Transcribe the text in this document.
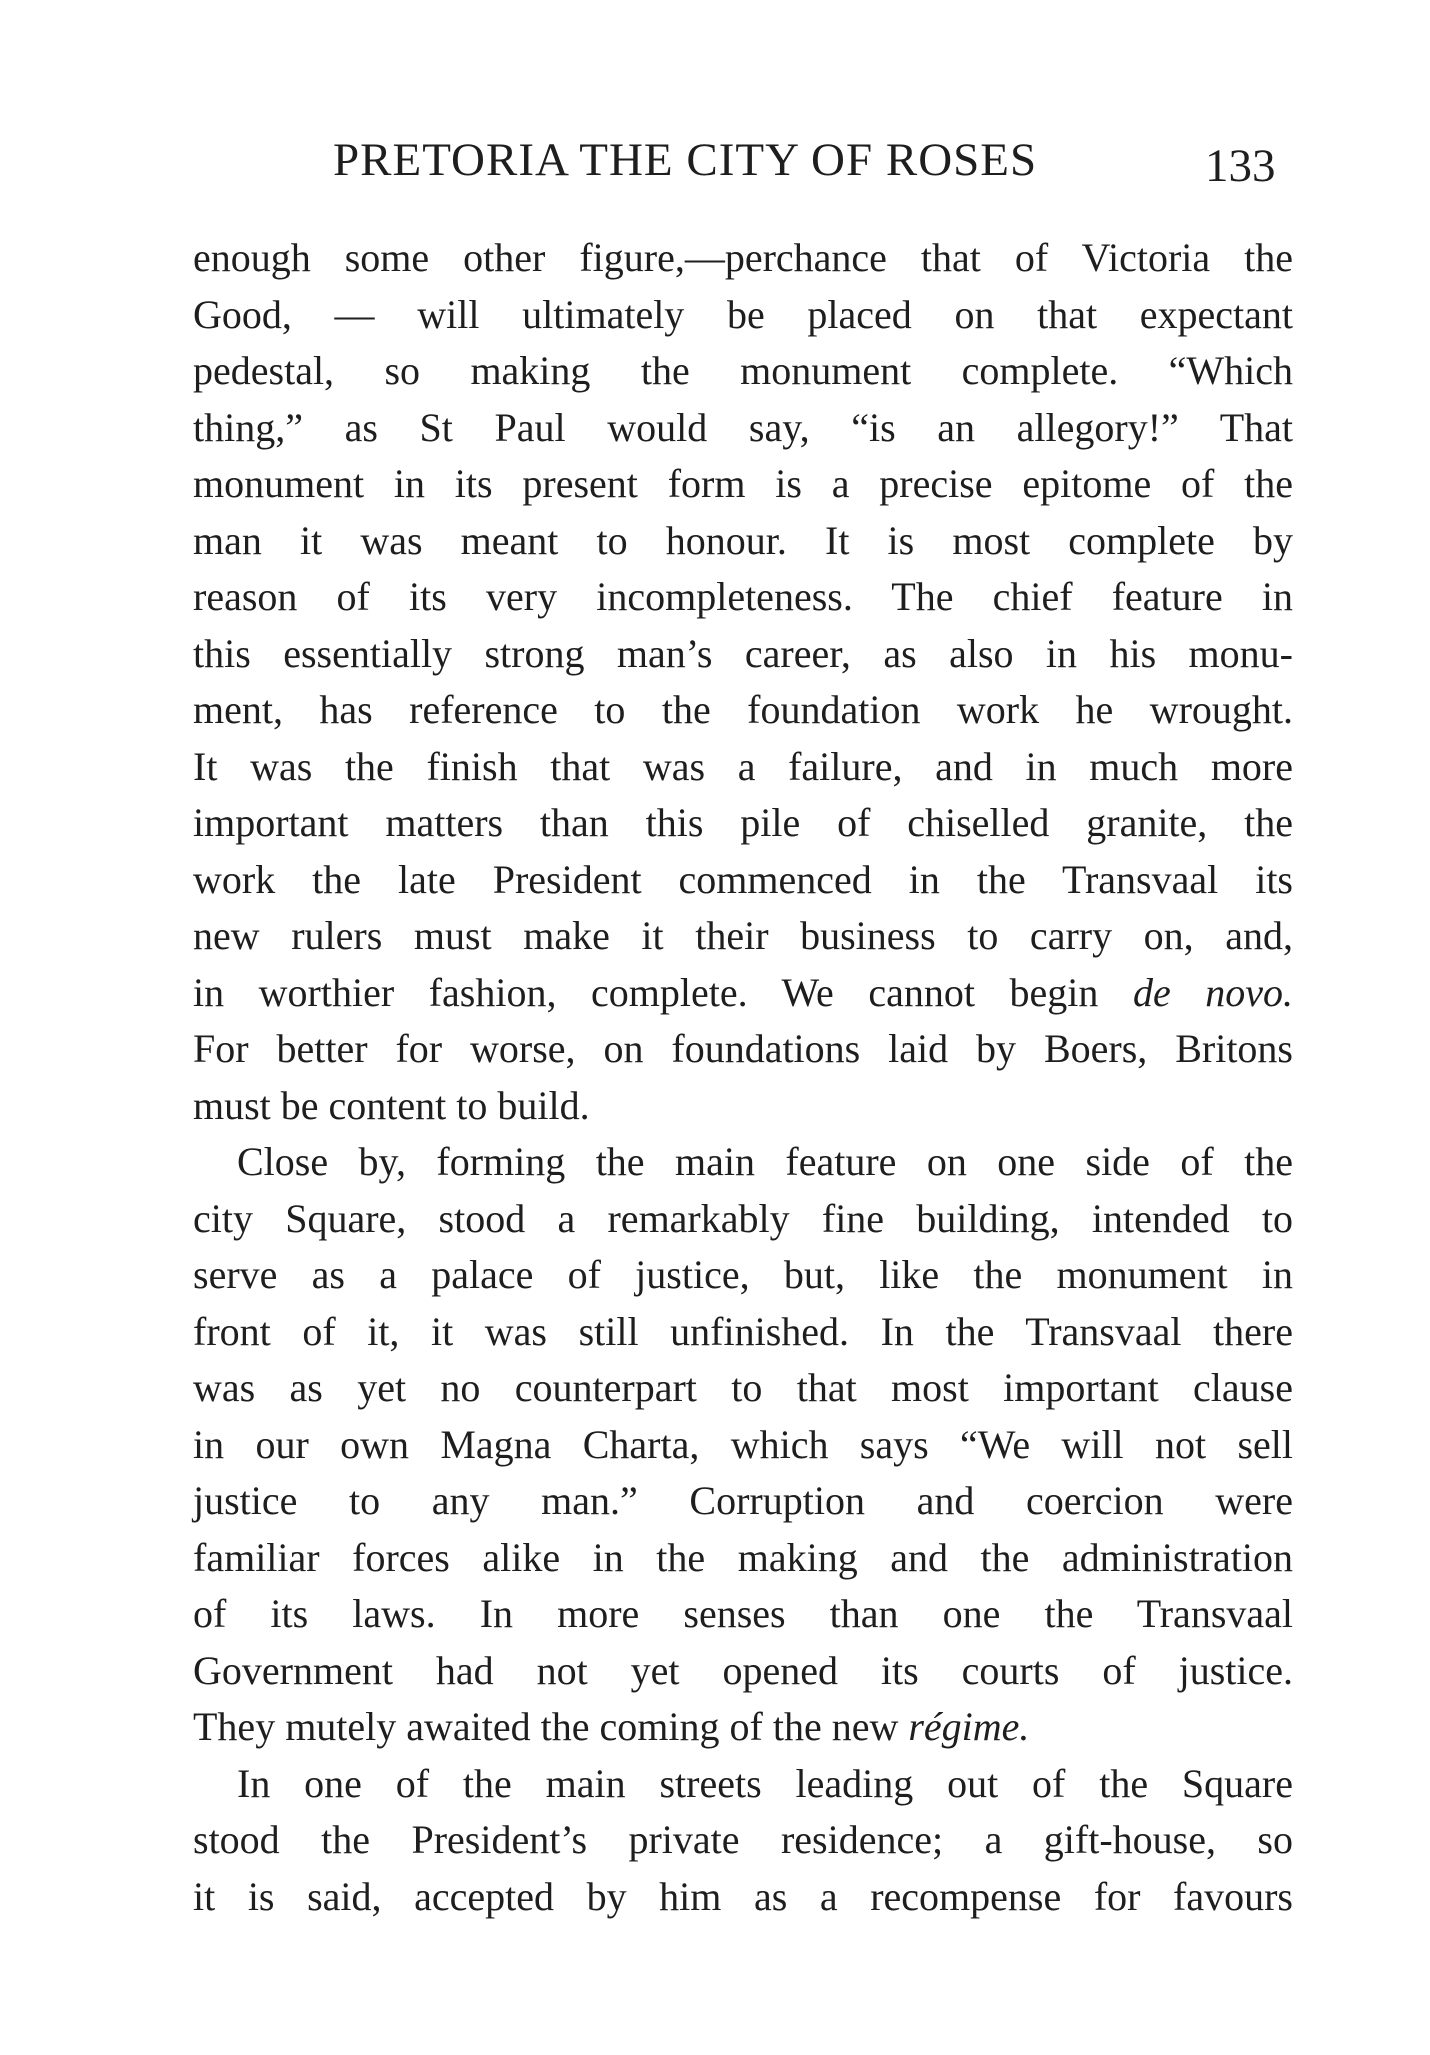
PRETORIA THE CITY OF ROSES	133
enough some other figure,—perchance that of Victoria the
Good, — will ultimately be placed on that expectant
pedestal, so making the monument complete. “Which
thing,” as St Paul would say, “is an allegory!” That
monument in its present form is a precise epitome of the
man it was meant to honour. It is most complete by
reason of its very incompleteness. The chief feature in
this essentially strong man’s career, as also in his monu-
ment, has reference to the foundation work he wrought.
It was the finish that was a failure, and in much more
important matters than this pile of chiselled granite, the
work the late President commenced in the Transvaal its
new rulers must make it their business to carry on, and,
in worthier fashion, complete. We cannot begin de novo.
For better for worse, on foundations laid by Boers, Britons
must be content to build.
Close by, forming the main feature on one side of the
city Square, stood a remarkably fine building, intended to
serve as a palace of justice, but, like the monument in
front of it, it was still unfinished. In the Transvaal there
was as yet no counterpart to that most important clause
in our own Magna Charta, which says “We will not sell
justice to any man.” Corruption and coercion were
familiar forces alike in the making and the administration
of its laws. In more senses than one the Transvaal
Government had not yet opened its courts of justice.
They mutely awaited the coming of the new régime.
In one of the main streets leading out of the Square
stood the President’s private residence; a gift-house, so
it is said, accepted by him as a recompense for favours
